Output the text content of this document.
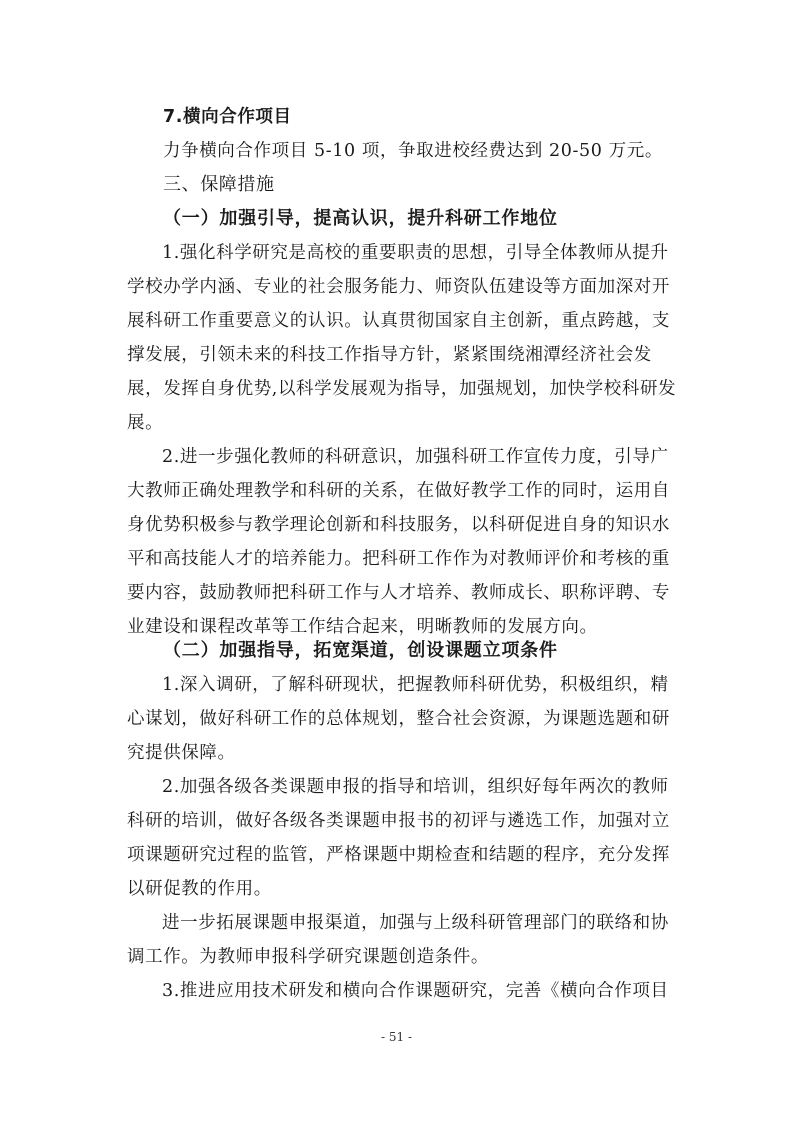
7.横向合作项目

力争横向合作项目 5-10 项，争取进校经费达到 20-50 万元。

三、保障措施

（一）加强引导，提高认识，提升科研工作地位

1.强化科学研究是高校的重要职责的思想，引导全体教师从提升学校办学内涵、专业的社会服务能力、师资队伍建设等方面加深对开展科研工作重要意义的认识。认真贯彻国家自主创新，重点跨越，支撑发展，引领未来的科技工作指导方针，紧紧围绕湘潭经济社会发展，发挥自身优势,以科学发展观为指导，加强规划，加快学校科研发展。

2.进一步强化教师的科研意识，加强科研工作宣传力度，引导广大教师正确处理教学和科研的关系，在做好教学工作的同时，运用自身优势积极参与教学理论创新和科技服务，以科研促进自身的知识水平和高技能人才的培养能力。把科研工作作为对教师评价和考核的重要内容，鼓励教师把科研工作与人才培养、教师成长、职称评聘、专业建设和课程改革等工作结合起来，明晰教师的发展方向。

（二）加强指导，拓宽渠道，创设课题立项条件

1.深入调研，了解科研现状，把握教师科研优势，积极组织，精心谋划，做好科研工作的总体规划，整合社会资源，为课题选题和研究提供保障。

2.加强各级各类课题申报的指导和培训，组织好每年两次的教师科研的培训，做好各级各类课题申报书的初评与遴选工作，加强对立项课题研究过程的监管，严格课题中期检查和结题的程序，充分发挥以研促教的作用。

进一步拓展课题申报渠道，加强与上级科研管理部门的联络和协调工作。为教师申报科学研究课题创造条件。

3.推进应用技术研发和横向合作课题研究，完善《横向合作项目

- 51 -
